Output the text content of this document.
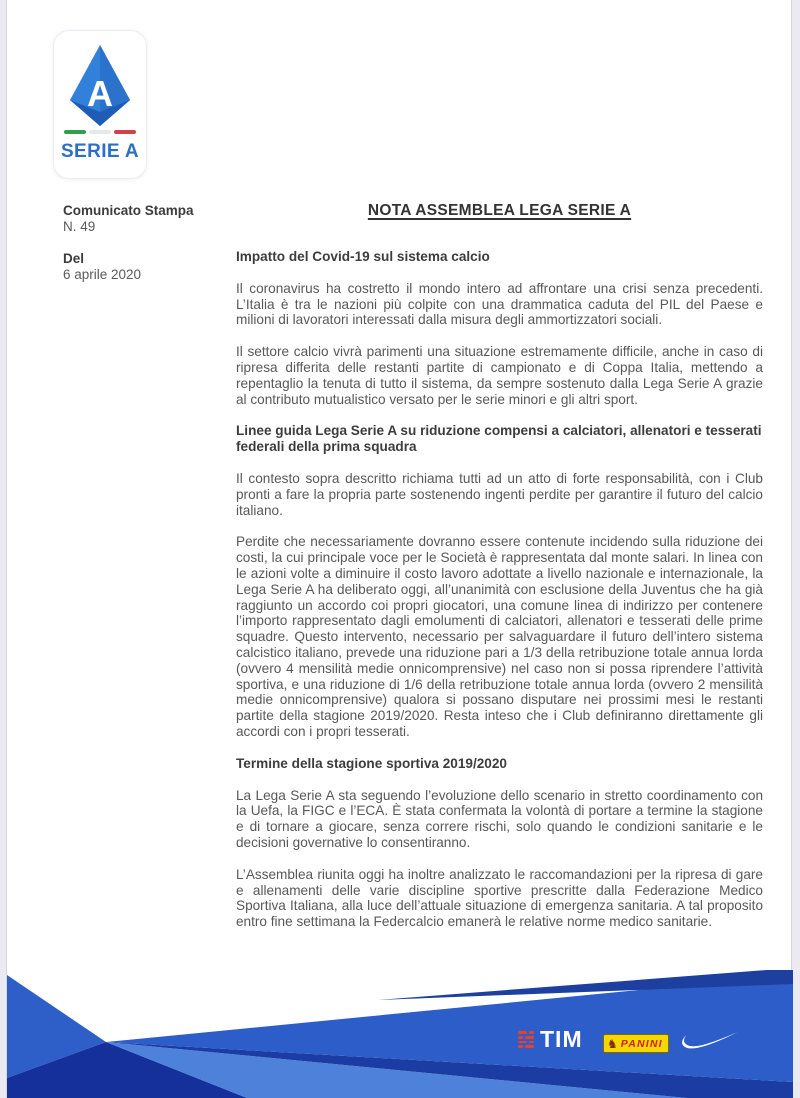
A
SERIE A
Comunicato Stampa
N. 49
Del
6 aprile 2020
NOTA ASSEMBLEA LEGA SERIE A
Impatto del Covid-19 sul sistema calcio

Il coronavirus ha costretto il mondo intero ad affrontare una crisi senza precedenti. L’Italia è tra le nazioni più colpite con una drammatica caduta del PIL del Paese e milioni di lavoratori interessati dalla misura degli ammortizzatori sociali.

Il settore calcio vivrà parimenti una situazione estremamente difficile, anche in caso di ripresa differita delle restanti partite di campionato e di Coppa Italia, mettendo a repentaglio la tenuta di tutto il sistema, da sempre sostenuto dalla Lega Serie A grazie al contributo mutualistico versato per le serie minori e gli altri sport.

Linee guida Lega Serie A su riduzione compensi a calciatori, allenatori e tesserati federali della prima squadra

Il contesto sopra descritto richiama tutti ad un atto di forte responsabilità, con i Club pronti a fare la propria parte sostenendo ingenti perdite per garantire il futuro del calcio italiano.

Perdite che necessariamente dovranno essere contenute incidendo sulla riduzione dei costi, la cui principale voce per le Società è rappresentata dal monte salari. In linea con le azioni volte a diminuire il costo lavoro adottate a livello nazionale e internazionale, la Lega Serie A ha deliberato oggi, all’unanimità con esclusione della Juventus che ha già raggiunto un accordo coi propri giocatori, una comune linea di indirizzo per contenere l’importo rappresentato dagli emolumenti di calciatori, allenatori e tesserati delle prime squadre. Questo intervento, necessario per salvaguardare il futuro dell’intero sistema calcistico italiano, prevede una riduzione pari a 1/3 della retribuzione totale annua lorda (ovvero 4 mensilità medie onnicomprensive) nel caso non si possa riprendere l’attività sportiva, e una riduzione di 1/6 della retribuzione totale annua lorda (ovvero 2 mensilità medie onnicomprensive) qualora si possano disputare nei prossimi mesi le restanti partite della stagione 2019/2020. Resta inteso che i Club definiranno direttamente gli accordi con i propri tesserati.

Termine della stagione sportiva 2019/2020

La Lega Serie A sta seguendo l’evoluzione dello scenario in stretto coordinamento con la Uefa, la FIGC e l’ECA. È stata confermata la volontà di portare a termine la stagione e di tornare a giocare, senza correre rischi, solo quando le condizioni sanitarie e le decisioni governative lo consentiranno.

L’Assemblea riunita oggi ha inoltre analizzato le raccomandazioni per la ripresa di gare e allenamenti delle varie discipline sportive prescritte dalla Federazione Medico Sportiva Italiana, alla luce dell’attuale situazione di emergenza sanitaria. A tal proposito entro fine settimana la Federcalcio emanerà le relative norme medico sanitarie.

TIM ♞ PANINI
